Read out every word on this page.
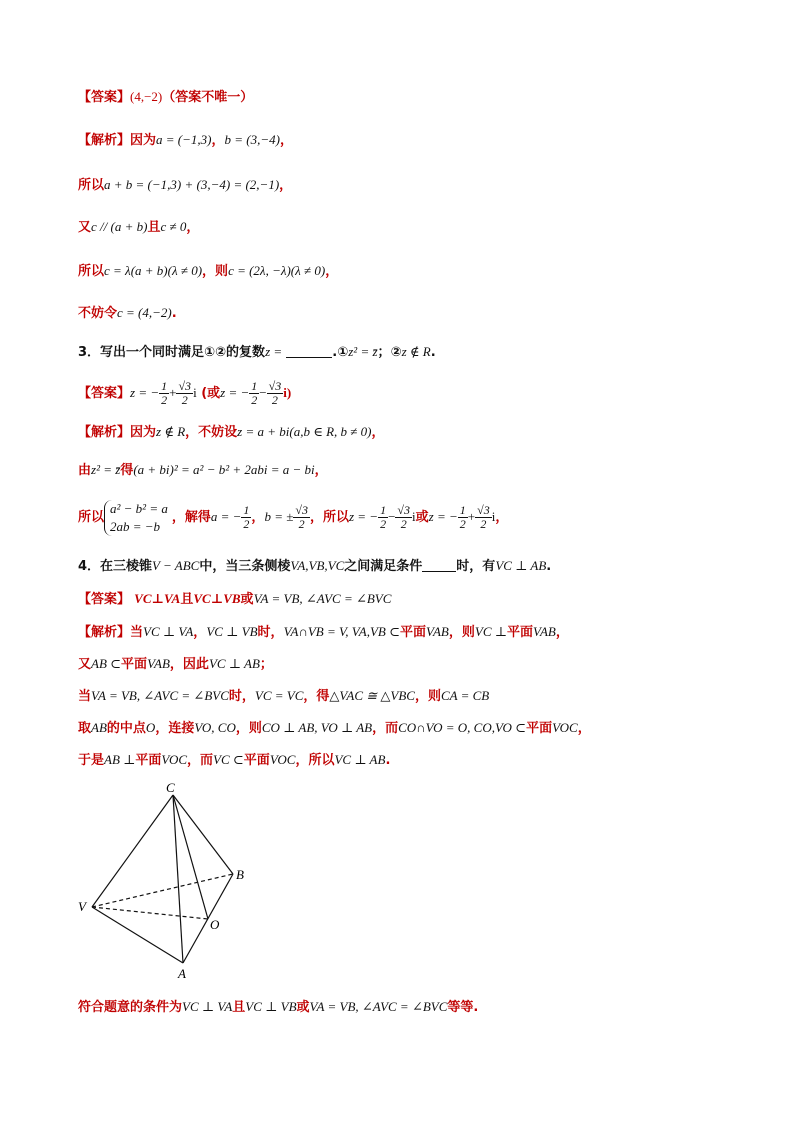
【答案】(4,−2)（答案不唯一）
【解析】因为a = (−1,3)，b = (3,−4)，
所以a + b = (−1,3) + (3,−4) = (2,−1)，
又c // (a + b)且c ≠ 0，
所以c = λ(a + b)(λ ≠ 0)，则c = (2λ, −λ)(λ ≠ 0)，
不妨令c = (4,−2).
3．写出一个同时满足①②的复数z =	.①z² = z̄；②z ∉ R.
【答案】z = − $\frac{1}{2} + \frac{√3}{2}$ i (或z = − $\frac{1}{2} - \frac{√3}{2} i$)
【解析】因为z ∉ R，不妨设z = a + bi(a,b ∈ R, b ≠ 0)，
由z² = z̄得(a + bi)² = a² − b² + 2abi = a − bi，
所以
a² − b² = a
2ab = −b
，解得a = − $\frac{1}{2}$ ，b = ± $\frac{√3}{2}$ ，所以z = − $\frac{1}{2} - \frac{√3}{2}$ i或z = − $\frac{1}{2} + \frac{√3}{2}$ i，
4．在三棱锥V − ABC中，当三条侧棱VA,VB,VC之间满足条件	时，有VC ⊥ AB.
【答案】 VC⊥VA且VC⊥VB或VA = VB, ∠AVC = ∠BVC
【解析】当VC ⊥ VA，VC ⊥ VB时，VA∩VB = V, VA,VB ⊂平面VAB，则VC ⊥平面VAB，
又AB ⊂平面VAB，因此VC ⊥ AB；
当VA = VB, ∠AVC = ∠BVC时，VC = VC，得△VAC ≅ △VBC，则CA = CB
取AB的中点O，连接VO, CO，则CO ⊥ AB, VO ⊥ AB，而CO∩VO = O, CO,VO ⊂平面VOC，
于是AB ⊥平面VOC，而VC ⊂平面VOC，所以VC ⊥ AB.
C
B
V
O
A
符合题意的条件为VC ⊥ VA且VC ⊥ VB或VA = VB, ∠AVC = ∠BVC等等.
